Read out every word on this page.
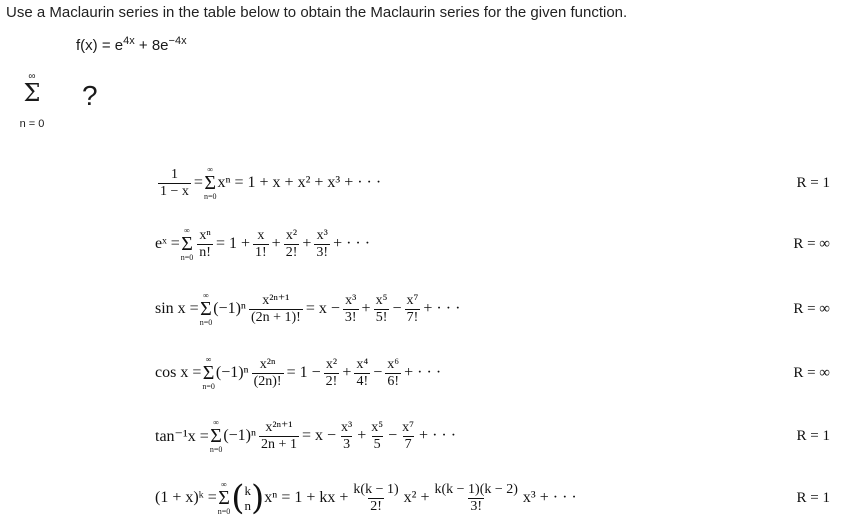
Use a Maclaurin series in the table below to obtain the Maclaurin series for the given function.
$f(x) = e^{4x} + 8e^{-4x}$
∞
Σ
n = 0
?
$\frac{1}{1 - x}$ =
∞
Σ
n=0
xⁿ = 1 + x + x² + x³ + · · ·	R = 1
eˣ =
∞
Σ
$n=0 \frac{\text{xⁿ}}{n!} = 1 + \frac{x}{1!} + \frac{\text{x²}}{2!} + \frac{\text{x³}}{3!}$ + · · ·	R = ∞
sin x =
∞
Σ
n=0
$(-1)^n \frac{\text{x²ⁿ⁺¹}}{(2n + 1)!} = x - \frac{\text{x³}}{3!} + \frac{\text{x⁵}}{5!} - \frac{\text{x⁷}}{7!}$ + · · ·	R = ∞
cos x =
∞
Σ
n=0
$(-1)^n \frac{\text{x²ⁿ}}{(2n)!} = 1 - \frac{\text{x²}}{2!} + \frac{\text{x⁴}}{4!} - \frac{\text{x⁶}}{6!}$ + · · ·	R = ∞
tan⁻¹x =
∞
Σ
n=0
$(-1)^n \frac{\text{x²ⁿ⁺¹}}{2n + 1} = x - \frac{\text{x³}}{3} + \frac{\text{x⁵}}{5} - \frac{\text{x⁷}}{7}$ + · · ·	R = 1
(1 + x)ᵏ =
∞
Σ
n=0 ( k
n ) xⁿ = 1 + kx + $\frac{k(k - 1)}{2!} x^2 + \frac{k(k - 1)(k - 2)}{3!} x^3$ + · · ·	R = 1
